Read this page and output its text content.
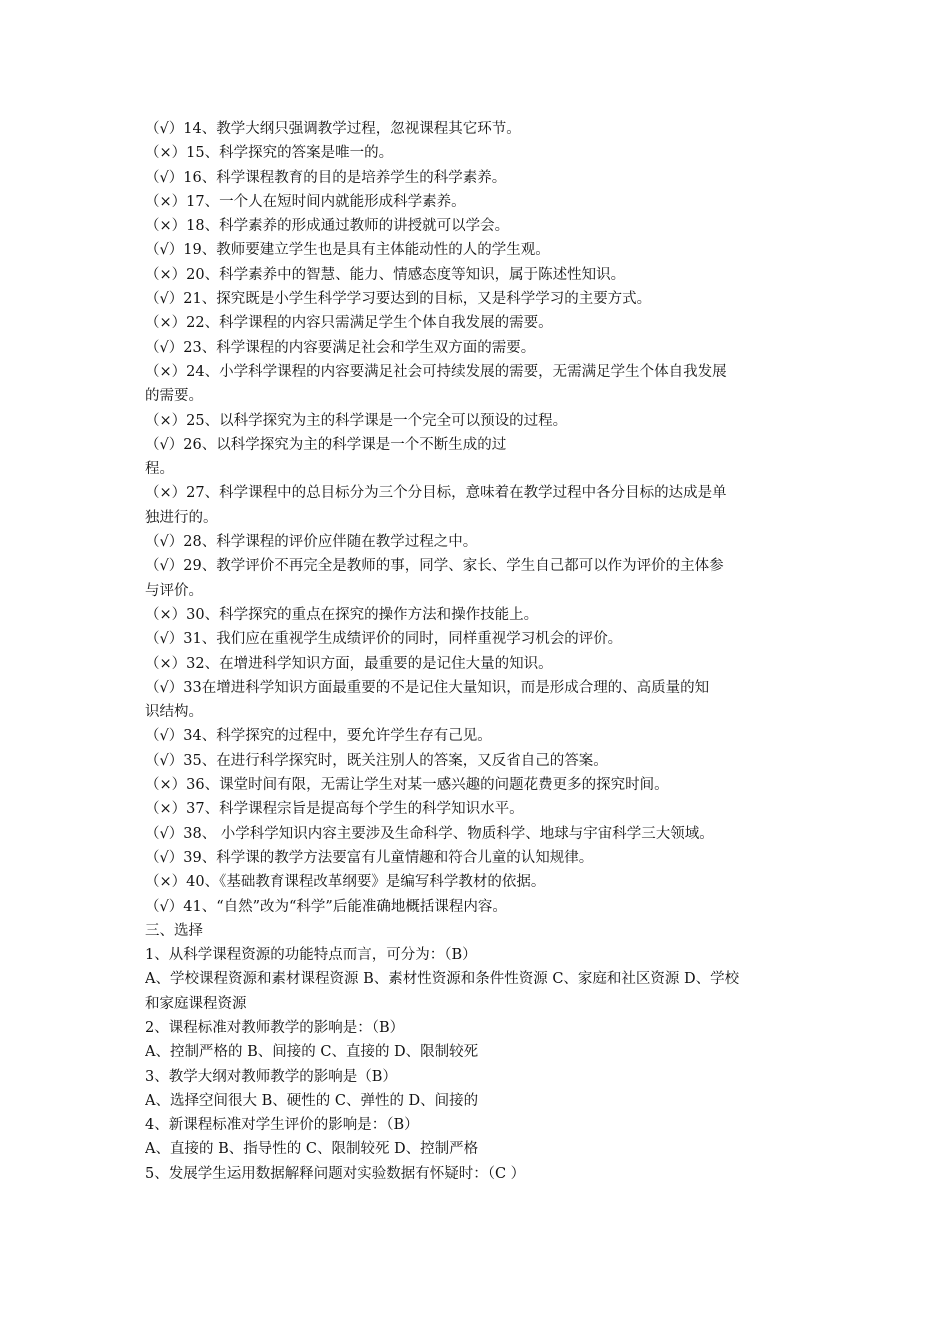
（√）14、教学大纲只强调教学过程，忽视课程其它环节。
（×）15、科学探究的答案是唯一的。
（√）16、科学课程教育的目的是培养学生的科学素养。
（×）17、一个人在短时间内就能形成科学素养。
（×）18、科学素养的形成通过教师的讲授就可以学会。
（√）19、教师要建立学生也是具有主体能动性的人的学生观。
（×）20、科学素养中的智慧、能力、情感态度等知识，属于陈述性知识。
（√）21、探究既是小学生科学学习要达到的目标，又是科学学习的主要方式。
（×）22、科学课程的内容只需满足学生个体自我发展的需要。
（√）23、科学课程的内容要满足社会和学生双方面的需要。
（×）24、小学科学课程的内容要满足社会可持续发展的需要，无需满足学生个体自我发展
的需要。
（×）25、以科学探究为主的科学课是一个完全可以预设的过程。
（√）26、以科学探究为主的科学课是一个不断生成的过
程。
（×）27、科学课程中的总目标分为三个分目标，意味着在教学过程中各分目标的达成是单
独进行的。
（√）28、科学课程的评价应伴随在教学过程之中。
（√）29、教学评价不再完全是教师的事，同学、家长、学生自己都可以作为评价的主体参
与评价。
（×）30、科学探究的重点在探究的操作方法和操作技能上。
（√）31、我们应在重视学生成绩评价的同时，同样重视学习机会的评价。
（×）32、在增进科学知识方面，最重要的是记住大量的知识。
（√）33在增进科学知识方面最重要的不是记住大量知识，而是形成合理的、高质量的知
识结构。
（√）34、科学探究的过程中，要允许学生存有己见。
（√）35、在进行科学探究时，既关注别人的答案，又反省自己的答案。
（×）36、课堂时间有限，无需让学生对某一感兴趣的问题花费更多的探究时间。
（×）37、科学课程宗旨是提高每个学生的科学知识水平。
（√）38、 小学科学知识内容主要涉及生命科学、物质科学、地球与宇宙科学三大领域。
（√）39、科学课的教学方法要富有儿童情趣和符合儿童的认知规律。
（×）40、《基础教育课程改革纲要》是编写科学教材的依据。
（√）41、“自然”改为“科学”后能准确地概括课程内容。
三、选择
1、从科学课程资源的功能特点而言，可分为：（B）
A、学校课程资源和素材课程资源 B、素材性资源和条件性资源 C、家庭和社区资源 D、学校
和家庭课程资源
2、课程标准对教师教学的影响是：（B）
A、控制严格的 B、间接的 C、直接的 D、限制较死
3、教学大纲对教师教学的影响是（B）
A、选择空间很大 B、硬性的 C、弹性的 D、间接的
4、新课程标准对学生评价的影响是：（B）
A、直接的 B、指导性的 C、限制较死 D、控制严格
5、发展学生运用数据解释问题对实验数据有怀疑时：（C ）
